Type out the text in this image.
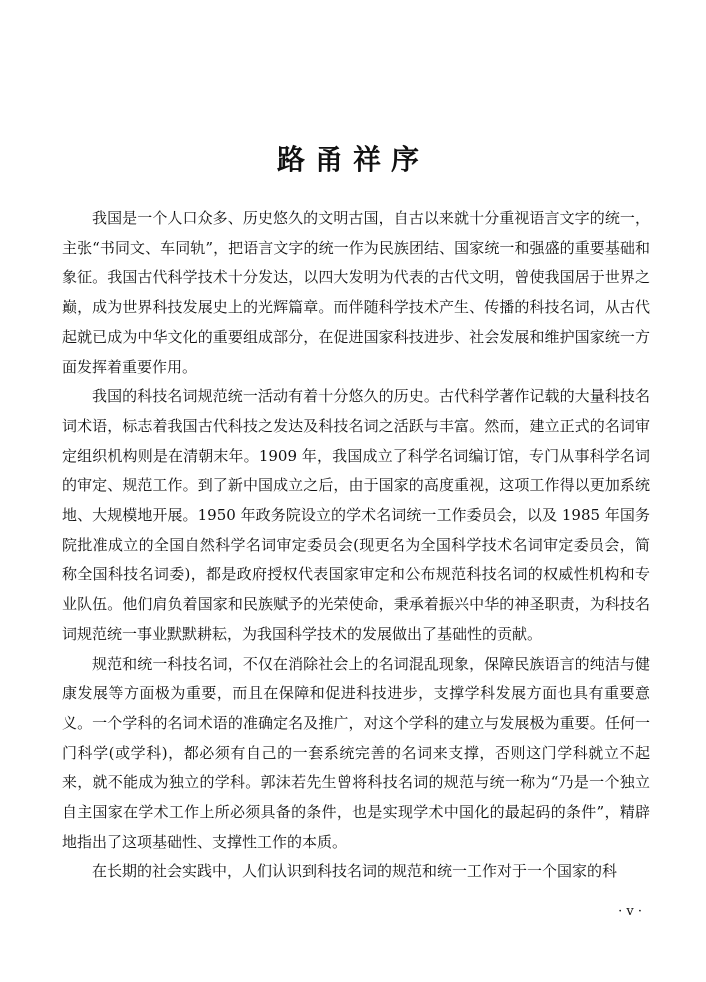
路甬祥序

我国是一个人口众多、历史悠久的文明古国，自古以来就十分重视语言文字的统一，主张“书同文、车同轨”，把语言文字的统一作为民族团结、国家统一和强盛的重要基础和象征。我国古代科学技术十分发达，以四大发明为代表的古代文明，曾使我国居于世界之巅，成为世界科技发展史上的光辉篇章。而伴随科学技术产生、传播的科技名词，从古代起就已成为中华文化的重要组成部分，在促进国家科技进步、社会发展和维护国家统一方面发挥着重要作用。

我国的科技名词规范统一活动有着十分悠久的历史。古代科学著作记载的大量科技名词术语，标志着我国古代科技之发达及科技名词之活跃与丰富。然而，建立正式的名词审定组织机构则是在清朝末年。1909 年，我国成立了科学名词编订馆，专门从事科学名词的审定、规范工作。到了新中国成立之后，由于国家的高度重视，这项工作得以更加系统地、大规模地开展。1950 年政务院设立的学术名词统一工作委员会，以及 1985 年国务院批准成立的全国自然科学名词审定委员会(现更名为全国科学技术名词审定委员会，简称全国科技名词委)，都是政府授权代表国家审定和公布规范科技名词的权威性机构和专业队伍。他们肩负着国家和民族赋予的光荣使命，秉承着振兴中华的神圣职责，为科技名词规范统一事业默默耕耘，为我国科学技术的发展做出了基础性的贡献。

规范和统一科技名词，不仅在消除社会上的名词混乱现象，保障民族语言的纯洁与健康发展等方面极为重要，而且在保障和促进科技进步，支撑学科发展方面也具有重要意义。一个学科的名词术语的准确定名及推广，对这个学科的建立与发展极为重要。任何一门科学(或学科)，都必须有自己的一套系统完善的名词来支撑，否则这门学科就立不起来，就不能成为独立的学科。郭沫若先生曾将科技名词的规范与统一称为“乃是一个独立自主国家在学术工作上所必须具备的条件，也是实现学术中国化的最起码的条件”，精辟地指出了这项基础性、支撑性工作的本质。

在长期的社会实践中，人们认识到科技名词的规范和统一工作对于一个国家的科

· v ·
